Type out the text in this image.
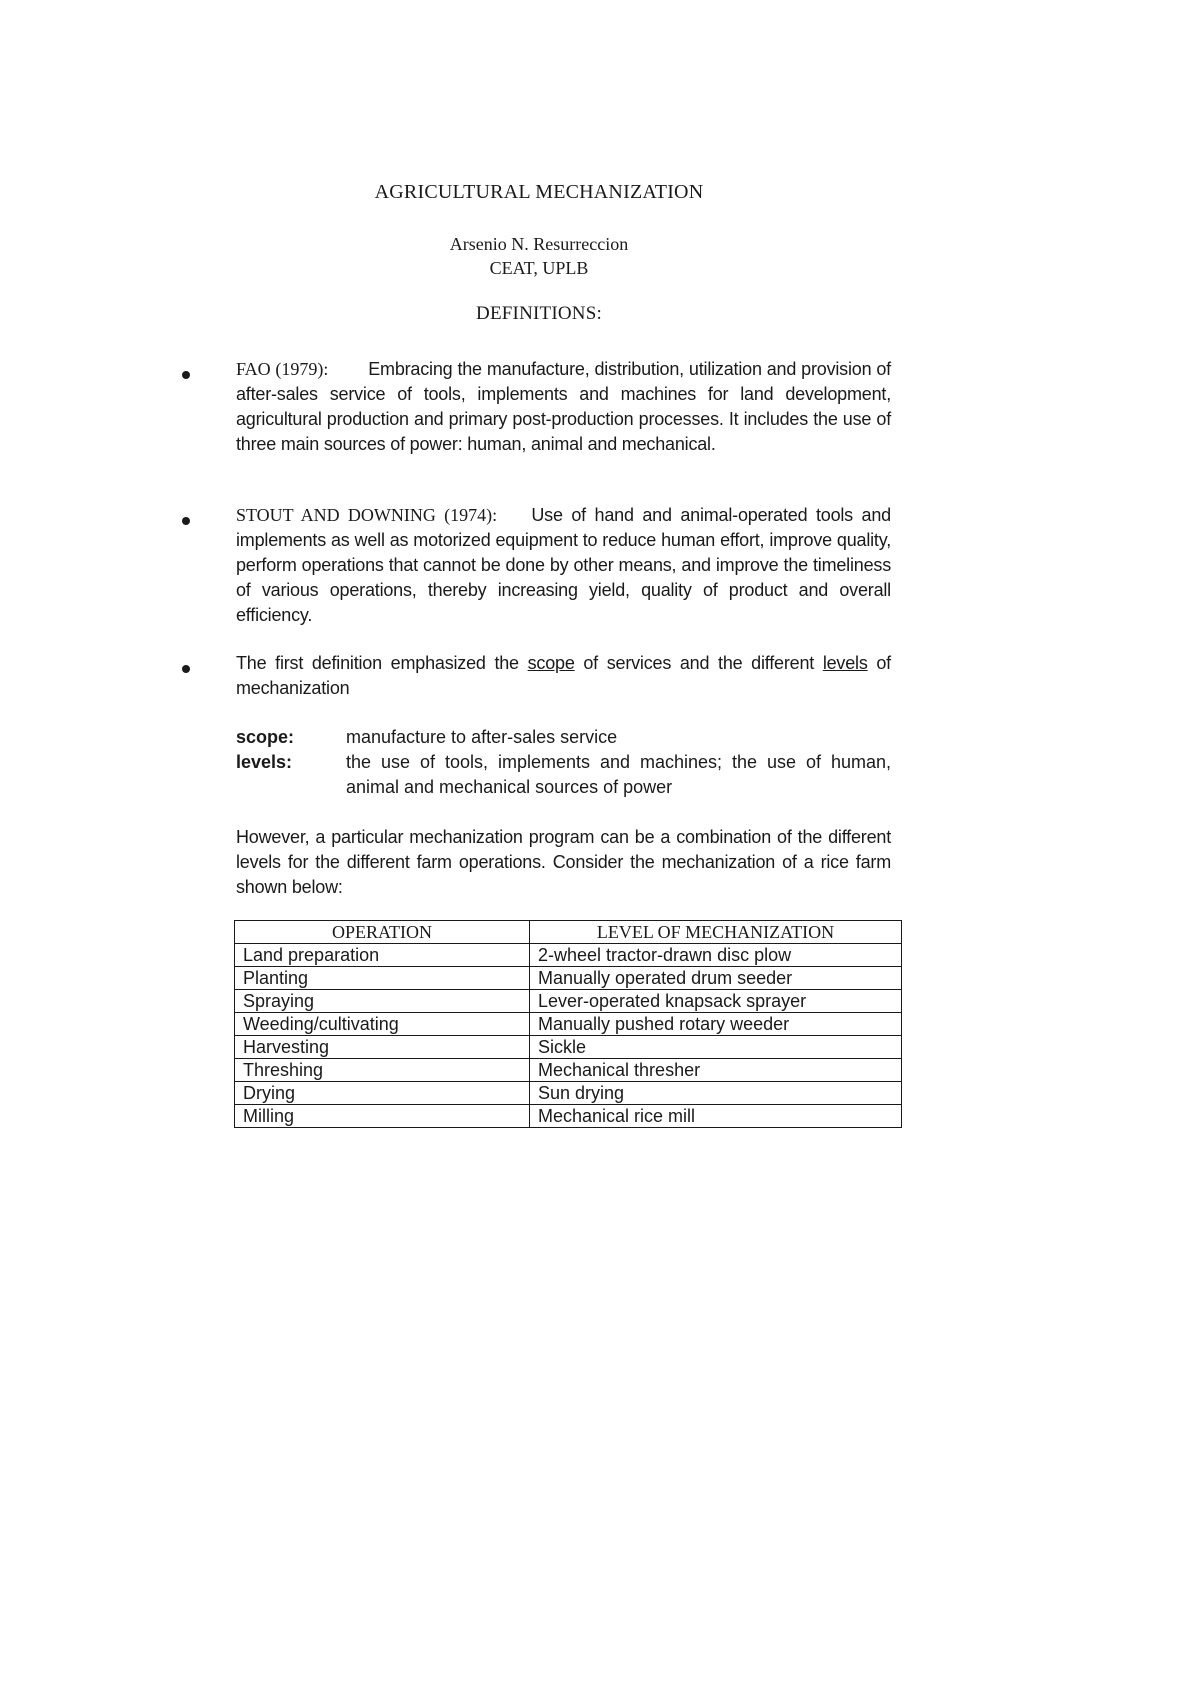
AGRICULTURAL MECHANIZATION
Arsenio N. Resurreccion
CEAT, UPLB
DEFINITIONS:
FAO (1979): Embracing the manufacture, distribution, utilization and provision of after-sales service of tools, implements and machines for land development, agricultural production and primary post-production processes. It includes the use of three main sources of power: human, animal and mechanical.
STOUT AND DOWNING (1974): Use of hand and animal-operated tools and implements as well as motorized equipment to reduce human effort, improve quality, perform operations that cannot be done by other means, and improve the timeliness of various operations, thereby increasing yield, quality of product and overall efficiency.
The first definition emphasized the scope of services and the different levels of mechanization
scope:	manufacture to after-sales service
levels:	the use of tools, implements and machines; the use of human, animal and mechanical sources of power
However, a particular mechanization program can be a combination of the different levels for the different farm operations. Consider the mechanization of a rice farm shown below:
OPERATION	LEVEL OF MECHANIZATION
Land preparation	2-wheel tractor-drawn disc plow
Planting	Manually operated drum seeder
Spraying	Lever-operated knapsack sprayer
Weeding/cultivating	Manually pushed rotary weeder
Harvesting	Sickle
Threshing	Mechanical thresher
Drying	Sun drying
Milling	Mechanical rice mill
